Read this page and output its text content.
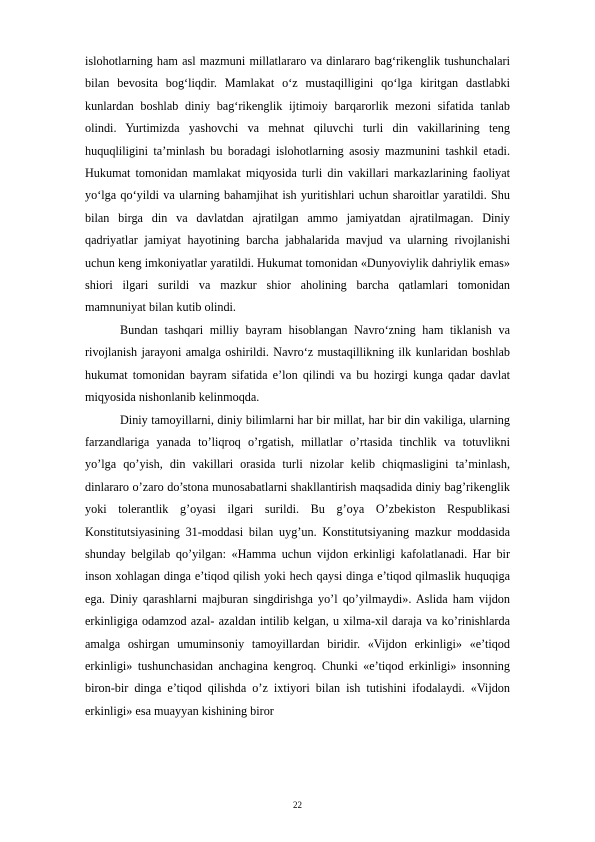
islohotlarning ham asl mazmuni millatlararo va dinlararo bag‘rikenglik tushunchalari bilan bevosita bog‘liqdir. Mamlakat o‘z mustaqilligini qo‘lga kiritgan dastlabki kunlardan boshlab diniy bag‘rikenglik ijtimoiy barqarorlik mezoni sifatida tanlab olindi. Yurtimizda yashovchi va mehnat qiluvchi turli din vakillarining teng huquqliligini ta’minlash bu boradagi islohotlarning asosiy mazmunini tashkil etadi. Hukumat tomonidan mamlakat miqyosida turli din vakillari markazlarining faoliyat yo‘lga qo‘yildi va ularning bahamjihat ish yuritishlari uchun sharoitlar yaratildi. Shu bilan birga din va davlatdan ajratilgan ammo jamiyatdan ajratilmagan. Diniy qadriyatlar jamiyat hayotining barcha jabhalarida mavjud va ularning rivojlanishi uchun keng imkoniyatlar yaratildi. Hukumat tomonidan «Dunyoviylik dahriylik emas» shiori ilgari surildi va mazkur shior aholining barcha qatlamlari tomonidan mamnuniyat bilan kutib olindi.

Bundan tashqari milliy bayram hisoblangan Navro‘zning ham tiklanish va rivojlanish jarayoni amalga oshirildi. Navro‘z mustaqillikning ilk kunlaridan boshlab hukumat tomonidan bayram sifatida e’lon qilindi va bu hozirgi kunga qadar davlat miqyosida nishonlanib kelinmoqda.

Diniy tamoyillarni, diniy bilimlarni har bir millat, har bir din vakiliga, ularning farzandlariga yanada to’liqroq o’rgatish, millatlar o’rtasida tinchlik va totuvlikni yo’lga qo’yish, din vakillari orasida turli nizolar kelib chiqmasligini ta’minlash, dinlararo o’zaro do’stona munosabatlarni shakllantirish maqsadida diniy bag’rikenglik yoki tolerantlik g’oyasi ilgari surildi. Bu g’oya O’zbekiston Respublikasi Konstitutsiyasining 31-moddasi bilan uyg’un. Konstitutsiyaning mazkur moddasida shunday belgilab qo’yilgan: «Hamma uchun vijdon erkinligi kafolatlanadi. Har bir inson xohlagan dinga e’tiqod qilish yoki hech qaysi dinga e’tiqod qilmaslik huquqiga ega. Diniy qarashlarni majburan singdirishga yo’l qo’yilmaydi». Aslida ham vijdon erkinligiga odamzod azal- azaldan intilib kelgan, u xilma-xil daraja va ko’rinishlarda amalga oshirgan umuminsoniy tamoyillardan biridir. «Vijdon erkinligi» «e’tiqod erkinligi» tushunchasidan anchagina kengroq. Chunki «e’tiqod erkinligi» insonning biron-bir dinga e’tiqod qilishda o’z ixtiyori bilan ish tutishini ifodalaydi. «Vijdon erkinligi» esa muayyan kishining biror

22
